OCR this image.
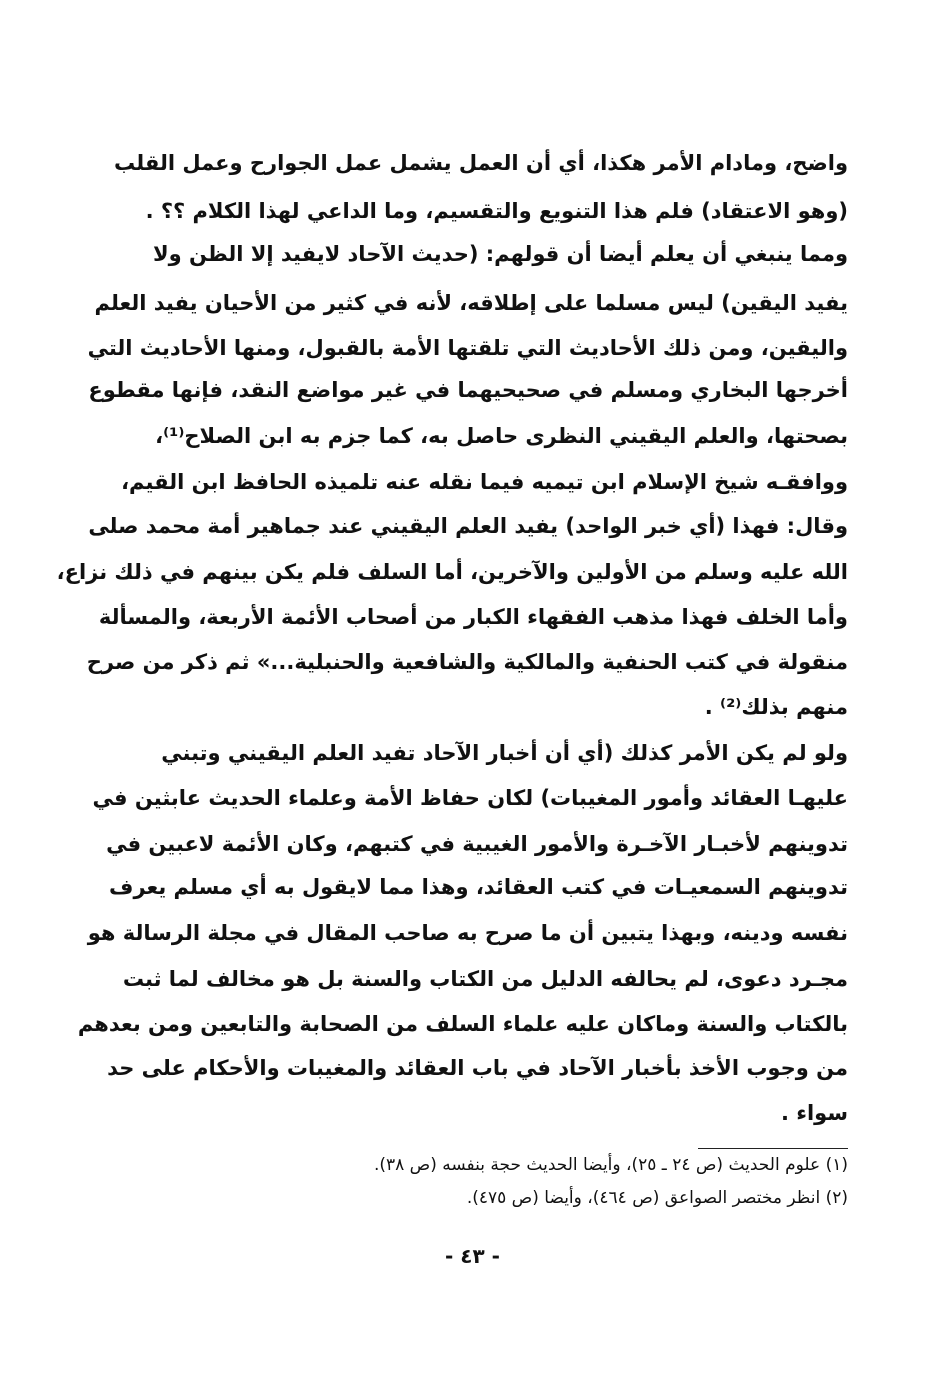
واضح، ومادام الأمر هكذا، أي أن العمل يشمل عمل الجوارح وعمل القلب
(وهو الاعتقاد) فلم هذا التنويع والتقسيم، وما الداعي لهذا الكلام ؟؟ .
ومما ينبغي أن يعلم أيضا أن قولهم: (حديث الآحاد لايفيد إلا الظن ولا
يفيد اليقين) ليس مسلما على إطلاقه، لأنه في كثير من الأحيان يفيد العلم
واليقين، ومن ذلك الأحاديث التي تلقتها الأمة بالقبول، ومنها الأحاديث التي
أخرجها البخاري ومسلم في صحيحيهما في غير مواضع النقد، فإنها مقطوع
بصحتها، والعلم اليقيني النظرى حاصل به، كما جزم به ابن الصلاح⁽¹⁾،
ووافقـه شيخ الإسلام ابن تيميه فيما نقله عنه تلميذه الحافظ ابن القيم،
وقال: فهذا (أي خبر الواحد) يفيد العلم اليقيني عند جماهير أمة محمد صلى
الله عليه وسلم من الأولين والآخرين، أما السلف فلم يكن بينهم في ذلك نزاع،
وأما الخلف فهذا مذهب الفقهاء الكبار من أصحاب الأئمة الأربعة، والمسألة
منقولة في كتب الحنفية والمالكية والشافعية والحنبلية...» ثم ذكر من صرح
منهم بذلك⁽²⁾ .
ولو لم يكن الأمر كذلك (أي أن أخبار الآحاد تفيد العلم اليقيني وتبني
عليهـا العقائد وأمور المغيبات) لكان حفاظ الأمة وعلماء الحديث عابثين في
تدوينهم لأخبـار الآخـرة والأمور الغيبية في كتبهم، وكان الأئمة لاعبين في
تدوينهم السمعيـات في كتب العقائد، وهذا مما لايقول به أي مسلم يعرف
نفسه ودينه، وبهذا يتبين أن ما صرح به صاحب المقال في مجلة الرسالة هو
مجـرد دعوى، لم يحالفه الدليل من الكتاب والسنة بل هو مخالف لما ثبت
بالكتاب والسنة وماكان عليه علماء السلف من الصحابة والتابعين ومن بعدهم
من وجوب الأخذ بأخبار الآحاد في باب العقائد والمغيبات والأحكام على حد
سواء .
(١) علوم الحديث (ص ٢٤ ـ ٢٥)، وأيضا الحديث حجة بنفسه (ص ٣٨).
(٢) انظر مختصر الصواعق (ص ٤٦٤)، وأيضا (ص ٤٧٥).
- ٤٣ -
